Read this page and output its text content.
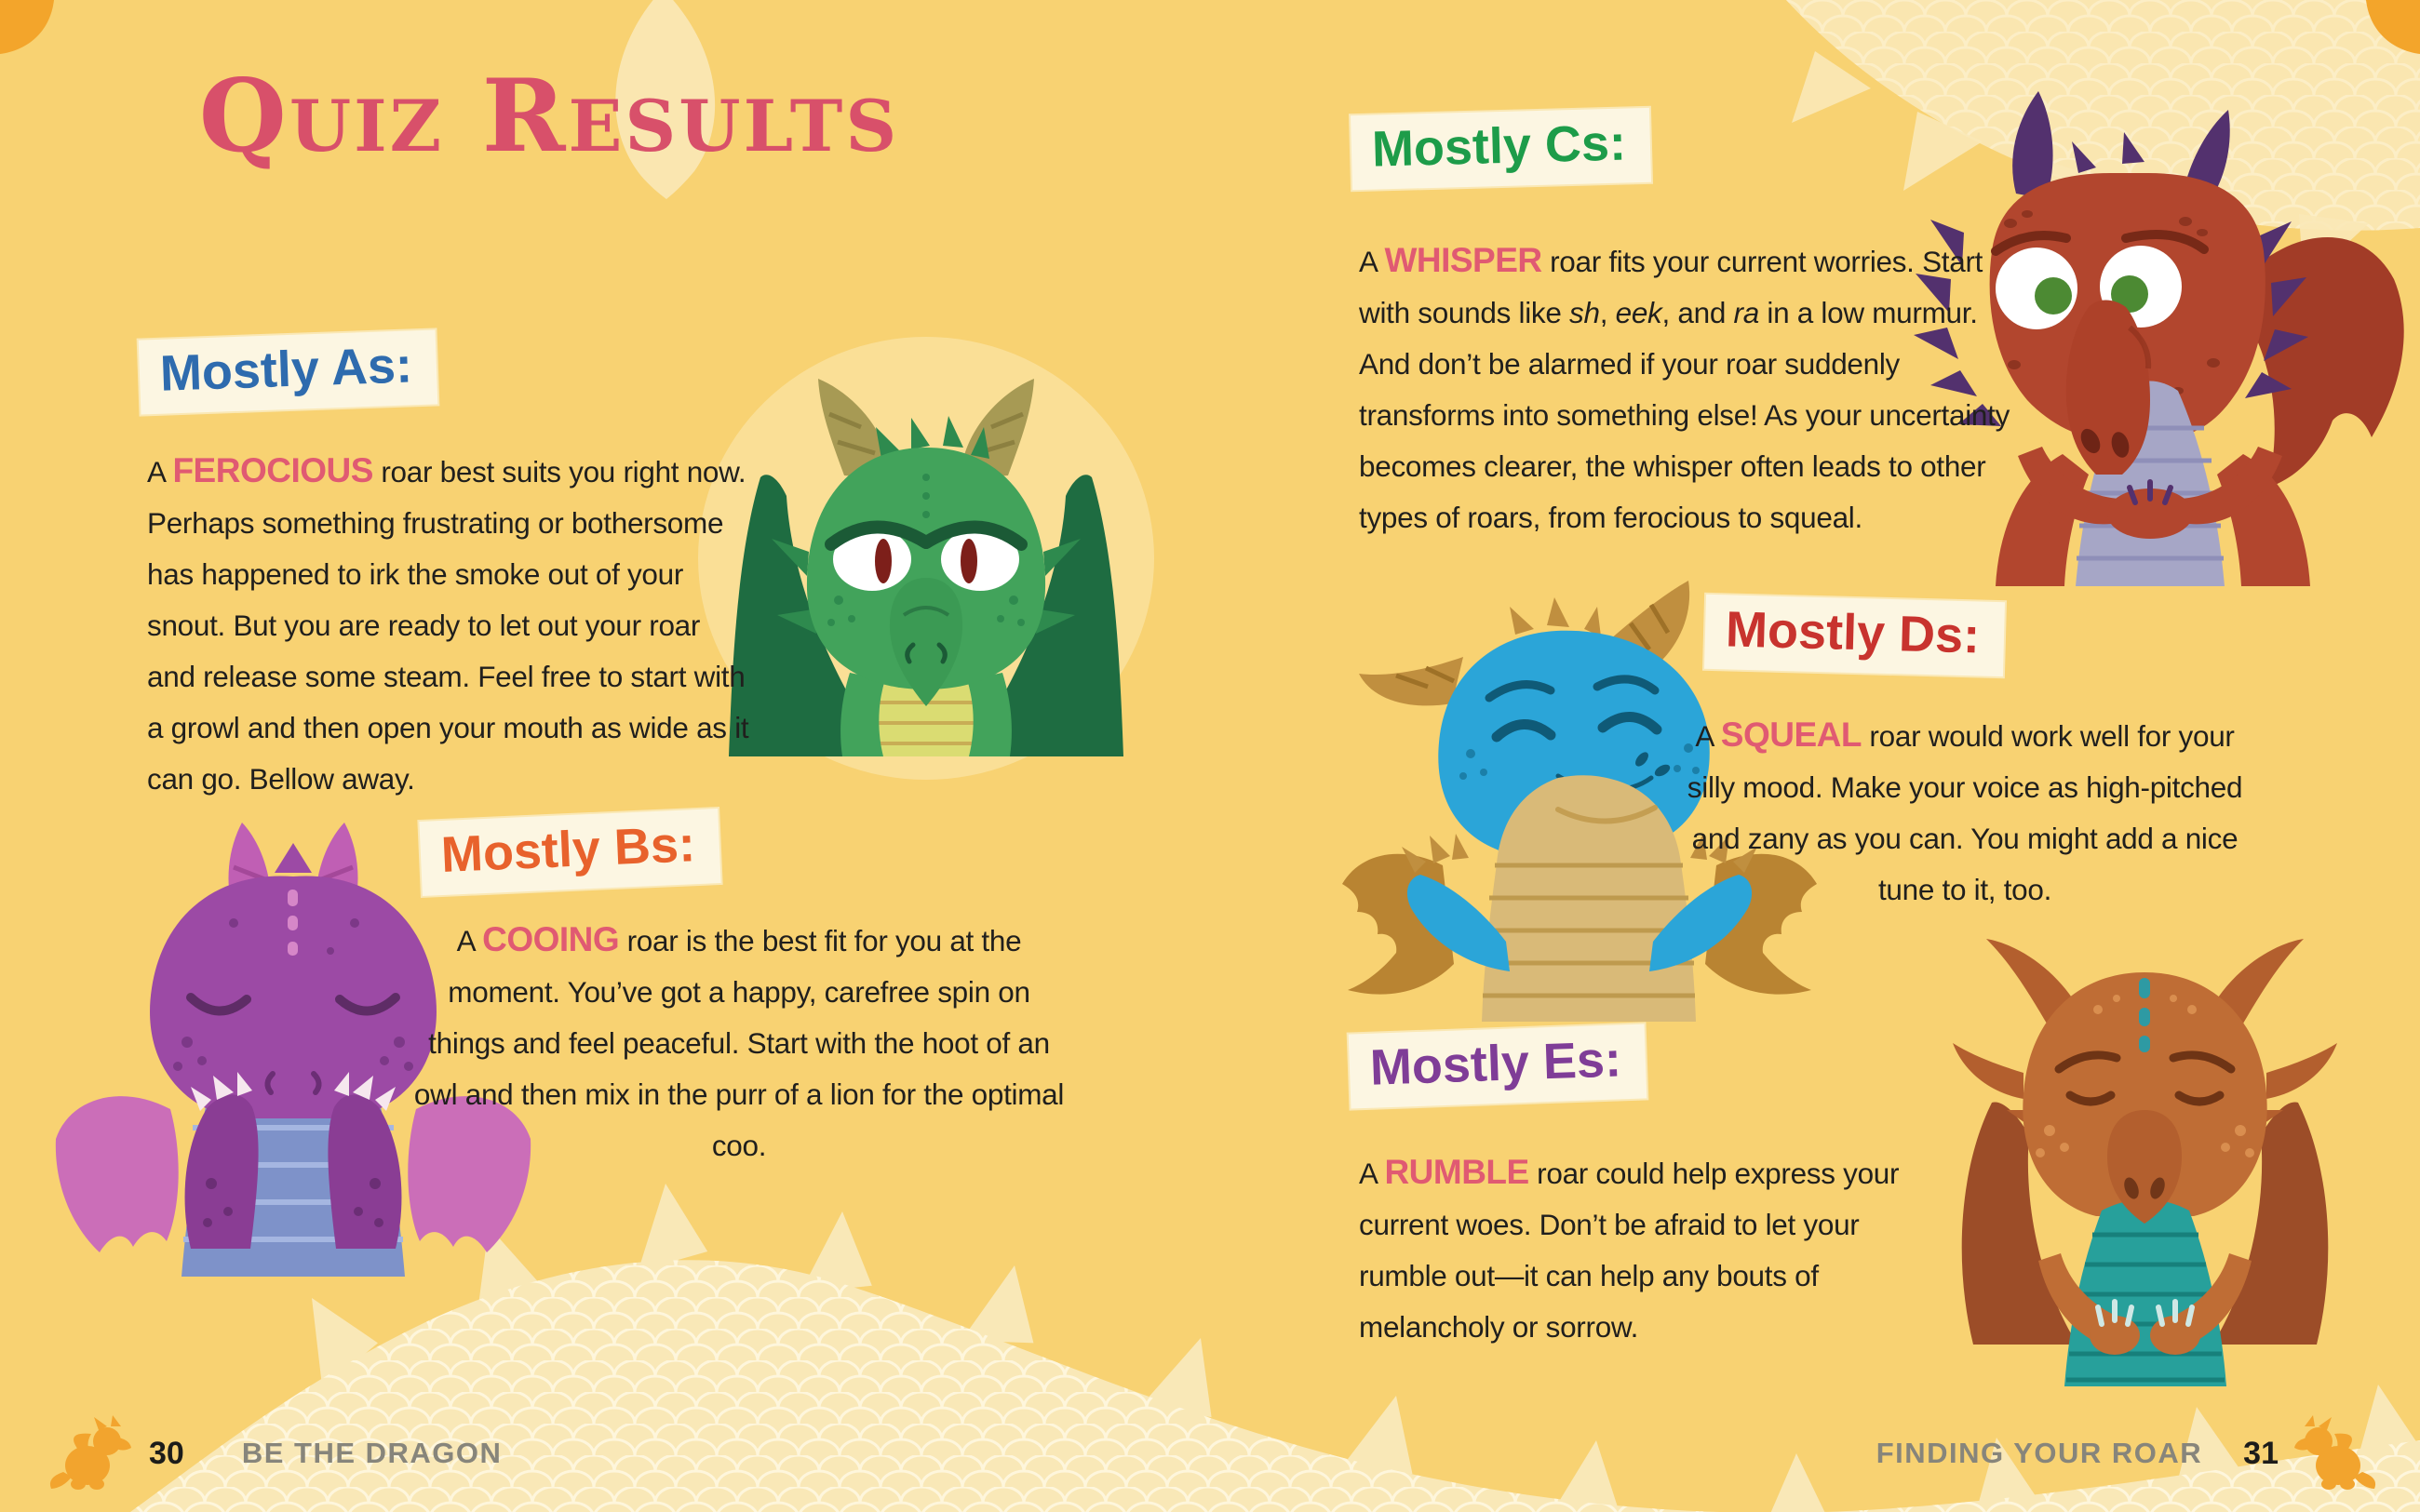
Quiz Results
Mostly As:
Mostly Bs:
Mostly Cs:
Mostly Ds:
Mostly Es:

A FEROCIOUS roar best suits you right now. Perhaps something frustrating or bothersome has happened to irk the smoke out of your snout. But you are ready to let out your roar and release some steam. Feel free to start with a growl and then open your mouth as wide as it can go. Bellow away.

A COOING roar is the best fit for you at the moment. You’ve got a happy, carefree spin on things and feel peaceful. Start with the hoot of an owl and then mix in the purr of a lion for the optimal coo.

A WHISPER roar fits your current worries. Start with sounds like sh, eek, and ra in a low murmur. And don’t be alarmed if your roar suddenly transforms into something else! As your uncertainty becomes clearer, the whisper often leads to other types of roars, from ferocious to squeal.

A SQUEAL roar would work well for your silly mood. Make your voice as high-pitched and zany as you can. You might add a nice tune to it, too.

A RUMBLE roar could help express your current woes. Don’t be afraid to let your rumble out—it can help any bouts of melancholy or sorrow.

30 BE THE DRAGON	FINDING YOUR ROAR 31
